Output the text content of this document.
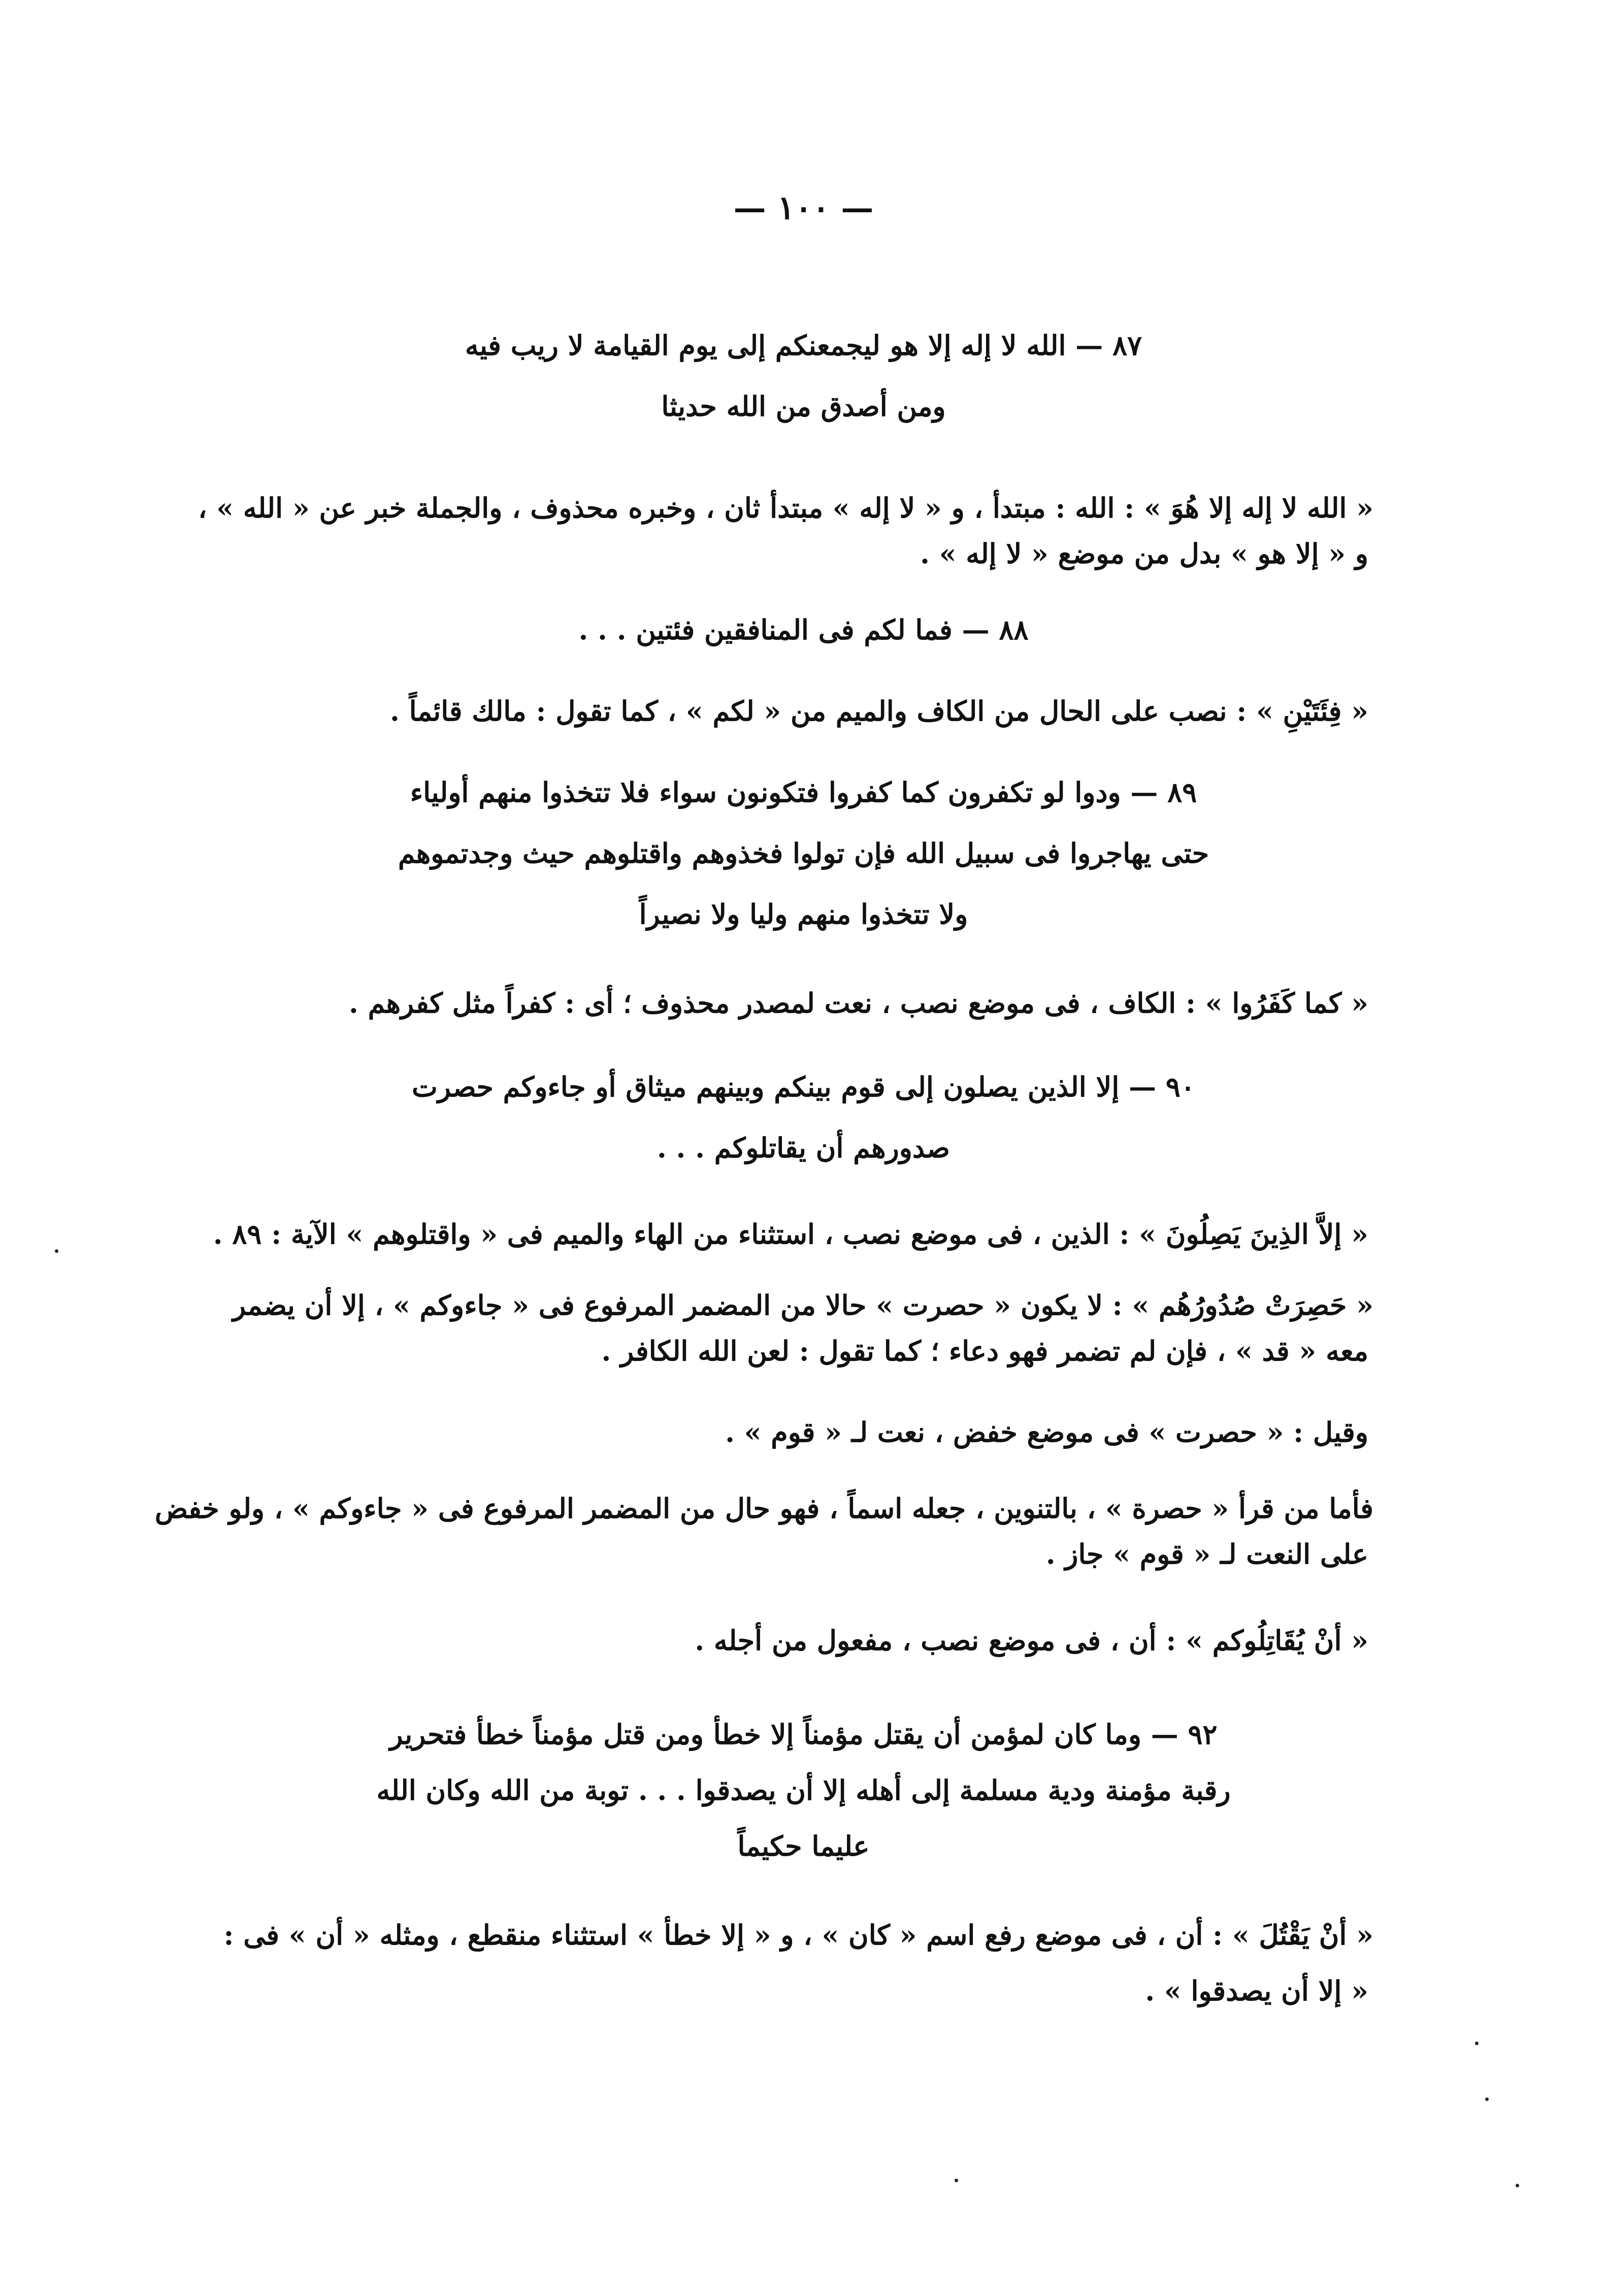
— ١٠٠ —
٨٧ — الله لا إله إلا هو ليجمعنكم إلى يوم القيامة لا ريب فيه
ومن أصدق من الله حديثا
« الله لا إله إلا هُوَ » : الله : مبتدأ ، و « لا إله » مبتدأ ثان ، وخبره محذوف ، والجملة خبر عن « الله » ،
و « إلا هو » بدل من موضع « لا إله » .
٨٨ — فما لكم فى المنافقين فئتين . . .
« فِئَتَيْنِ » : نصب على الحال من الكاف والميم من « لكم » ، كما تقول : مالك قائماً .
٨٩ — ودوا لو تكفرون كما كفروا فتكونون سواء فلا تتخذوا منهم أولياء
حتى يهاجروا فى سبيل الله فإن تولوا فخذوهم واقتلوهم حيث وجدتموهم
ولا تتخذوا منهم وليا ولا نصيراً
« كما كَفَرُوا » : الكاف ، فى موضع نصب ، نعت لمصدر محذوف ؛ أى : كفراً مثل كفرهم .
٩٠ — إلا الذين يصلون إلى قوم بينكم وبينهم ميثاق أو جاءوكم حصرت
صدورهم أن يقاتلوكم . . .
« إلاَّ الذِينَ يَصِلُونَ » : الذين ، فى موضع نصب ، استثناء من الهاء والميم فى « واقتلوهم » الآية : ٨٩ .
« حَصِرَتْ صُدُورُهُم » : لا يكون « حصرت » حالا من المضمر المرفوع فى « جاءوكم » ، إلا أن يضمر
معه « قد » ، فإن لم تضمر فهو دعاء ؛ كما تقول : لعن الله الكافر .
وقيل : « حصرت » فى موضع خفض ، نعت لـ « قوم » .
فأما من قرأ « حصرة » ، بالتنوين ، جعله اسماً ، فهو حال من المضمر المرفوع فى « جاءوكم » ، ولو خفض
على النعت لـ « قوم » جاز .
« أنْ يُقَاتِلُوكم » : أن ، فى موضع نصب ، مفعول من أجله .
٩٢ — وما كان لمؤمن أن يقتل مؤمناً إلا خطأ ومن قتل مؤمناً خطأ فتحرير
رقبة مؤمنة ودية مسلمة إلى أهله إلا أن يصدقوا . . . توبة من الله وكان الله
عليما حكيماً
« أنْ يَقْتُلَ » : أن ، فى موضع رفع اسم « كان » ، و « إلا خطأ » استثناء منقطع ، ومثله « أن » فى :
« إلا أن يصدقوا » .
